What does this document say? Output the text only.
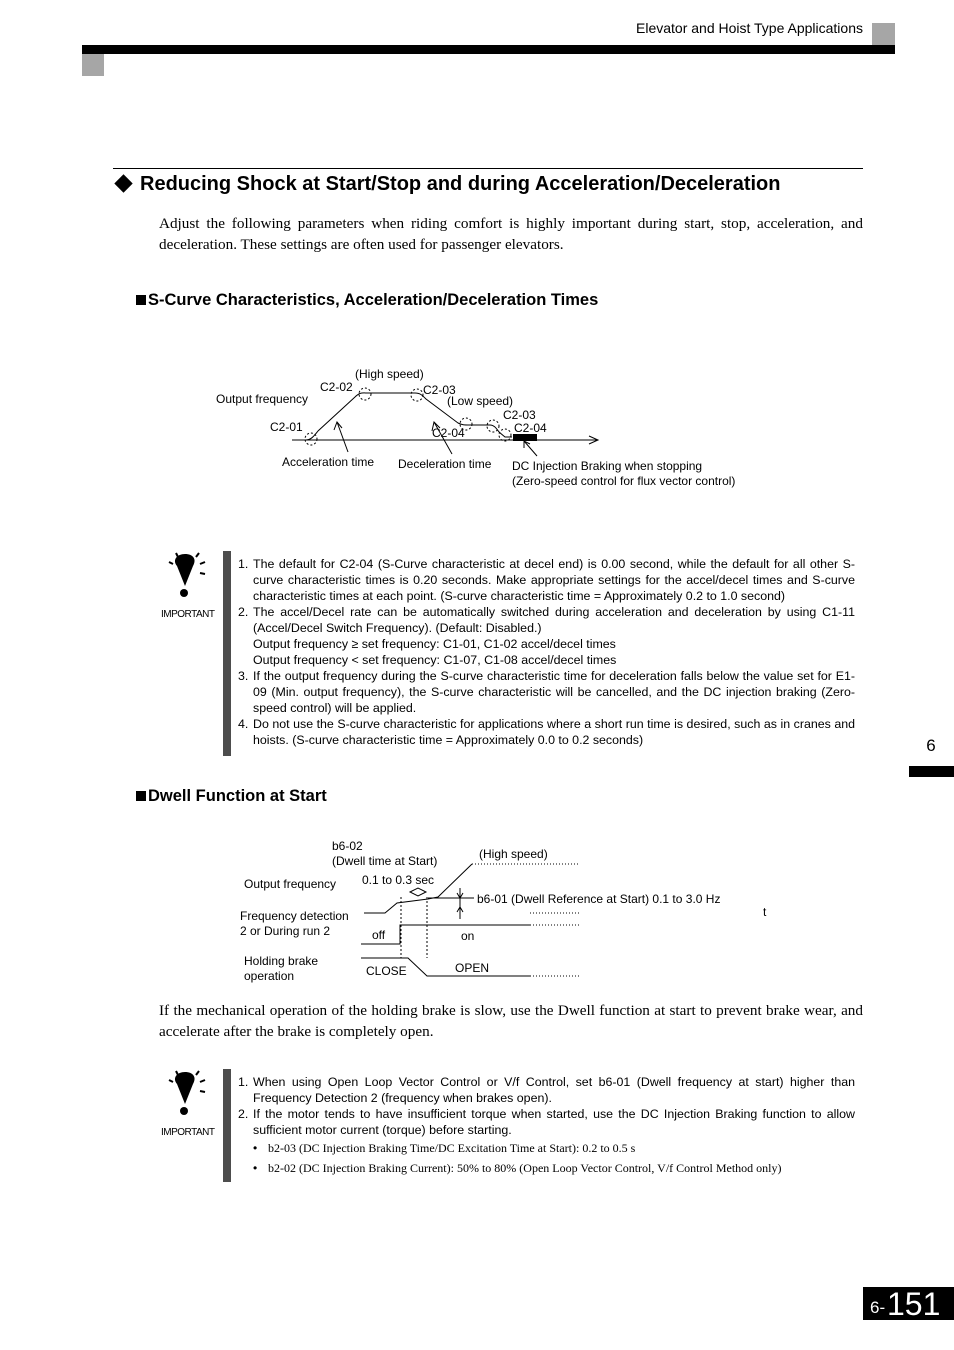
Elevator and Hoist Type Applications
Reducing Shock at Start/Stop and during Acceleration/Deceleration
Adjust the following parameters when riding comfort is highly important during start, stop, acceleration, and deceleration. These settings are often used for passenger elevators.
S-Curve Characteristics, Acceleration/Deceleration Times
Output frequency
C2-01
C2-02
(High speed)
C2-03
(Low speed)
C2-04
C2-03
C2-04
Acceleration time Deceleration time DC Injection Braking when stopping
(Zero-speed control for flux vector control)
IMPORTANT
1. The default for C2-04 (S-Curve characteristic at decel end) is 0.00 second, while the default for all other S-curve characteristic times is 0.20 seconds. Make appropriate settings for the accel/decel times and S-curve characteristic times at each point. (S-curve characteristic time = Approximately 0.2 to 1.0 second)
2. The accel/Decel rate can be automatically switched during acceleration and deceleration by using C1-11 (Accel/Decel Switch Frequency). (Default: Disabled.)
Output frequency ≥ set frequency: C1-01, C1-02 accel/decel times
Output frequency < set frequency: C1-07, C1-08 accel/decel times
3. If the output frequency during the S-curve characteristic time for deceleration falls below the value set for E1-09 (Min. output frequency), the S-curve characteristic will be cancelled, and the DC injection braking (Zero-speed control) will be applied.
4. Do not use the S-curve characteristic for applications where a short run time is desired, such as in cranes and hoists. (S-curve characteristic time = Approximately 0.0 to 0.2 seconds)	6
Dwell Function at Start
b6-02
(Dwell time at Start)	(High speed)
Output frequency 0.1 to 0.3 sec
b6-01 (Dwell Reference at Start) 0.1 to 3.0 Hz
t
Frequency detection
2 or During run 2	off	on
Holding brake
operation	CLOSE	OPEN
If the mechanical operation of the holding brake is slow, use the Dwell function at start to prevent brake wear, and accelerate after the brake is completely open.
IMPORTANT
1. When using Open Loop Vector Control or V/f Control, set b6-01 (Dwell frequency at start) higher than Frequency Detection 2 (frequency when brakes open).
2. If the motor tends to have insufficient torque when started, use the DC Injection Braking function to allow sufficient motor current (torque) before starting.
• b2-03 (DC Injection Braking Time/DC Excitation Time at Start): 0.2 to 0.5 s
• b2-02 (DC Injection Braking Current): 50% to 80% (Open Loop Vector Control, V/f Control Method only)
6- 151
